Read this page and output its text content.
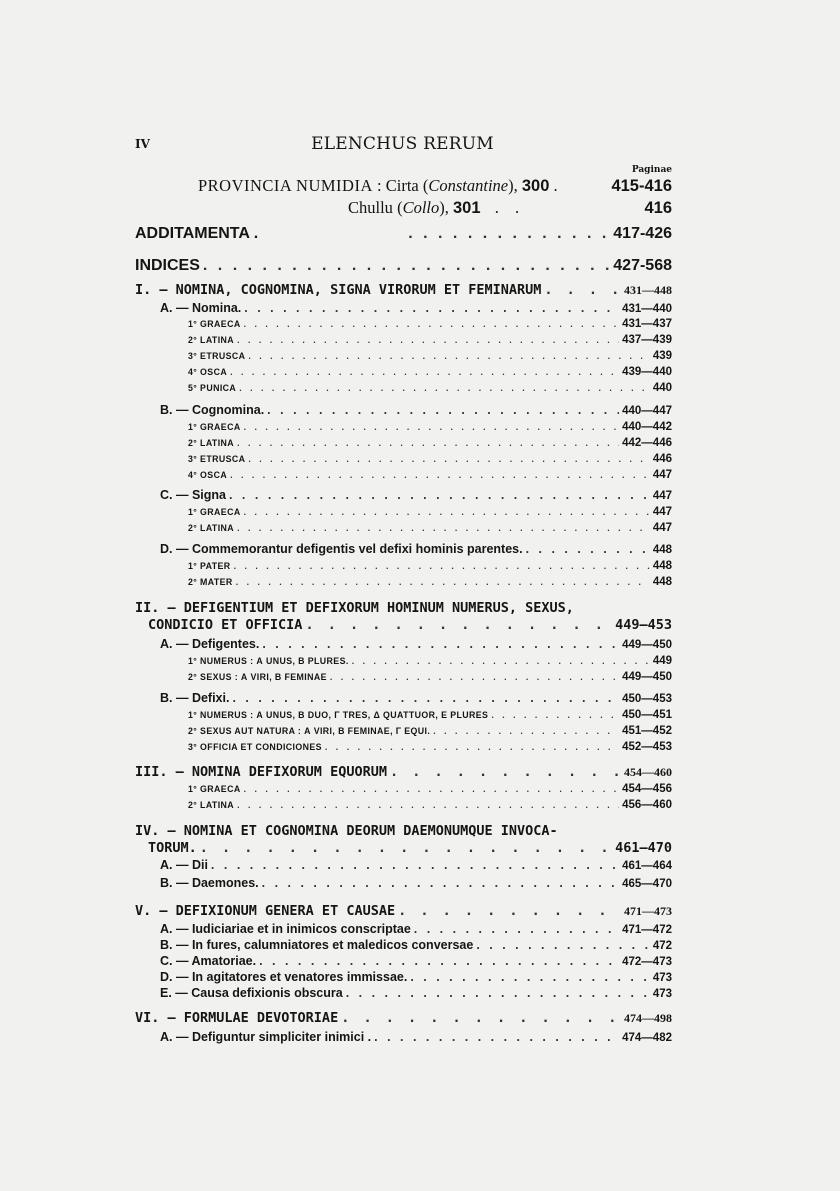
IV	ELENCHUS RERUM
Paginae
PROVINCIA NUMIDIA : Cirta (Constantine), 300 .	415-416
Chullu (Collo), 301  . .	416
ADDITAMENTA . . . .	417-426
INDICES . . .	427-568
I. — NOMINA, COGNOMINA, SIGNA VIRORUM ET FEMINARUM . . .	431—448
A. — Nomina. . . .	431—440
1° GRAECA . . .	431—437
2° LATINA . . .	437—439
3° ETRUSCA . . .	439
4° OSCA . . .	439—440
5° PUNICA . . .	440
B. — Cognomina. . . .	440—447
1° GRAECA . . .	440—442
2° LATINA . . .	442—446
3° ETRUSCA . . .	446
4° OSCA . . .	447
C. — Signa . . .	447
1° GRAECA . . .	447
2° LATINA . . .	447
D. — Commemorantur defigentis vel defixi hominis parentes. . . .	448
1° PATER . . .	448
2° MATER . . .	448
II. — DEFIGENTIUM ET DEFIXORUM HOMINUM NUMERUS, SEXUS,
CONDICIO ET OFFICIA . . .	449—453
A. — Defigentes. . . .	449—450
1° NUMERUS : Α UNUS, Β PLURES. . . .	449
2° SEXUS : Α VIRI, Β FEMINAE . . .	449—450
B. — Defixi. . . .	450—453
1° NUMERUS : Α UNUS, Β DUO, Γ TRES, Δ QUATTUOR, Ε PLURES . . .	450—451
2° SEXUS AUT NATURA : Α VIRI, Β FEMINAE, Γ EQUI. . . .	451—452
3° OFFICIA ET CONDICIONES . . .	452—453
III. — NOMINA DEFIXORUM EQUORUM . . .	454—460
1° GRAECA . . .	454—456
2° LATINA . . .	456—460
IV. — NOMINA ET COGNOMINA DEORUM DAEMONUMQUE INVOCA-
TORUM. . . .	461—470
A. — Dii . . .	461—464
B. — Daemones. . . .	465—470
V. — DEFIXIONUM GENERA ET CAUSAE . . .	471—473
A. — Iudiciariae et in inimicos conscriptae . . .	471—472
B. — In fures, calumniatores et maledicos conversae . . .	472
C. — Amatoriae. . . .	472—473
D. — In agitatores et venatores immissae. . . .	473
E. — Causa defixionis obscura . . .	473
VI. — FORMULAE DEVOTORIAE . . .	474—498
A. — Defiguntur simpliciter inimici . . . .	474—482
